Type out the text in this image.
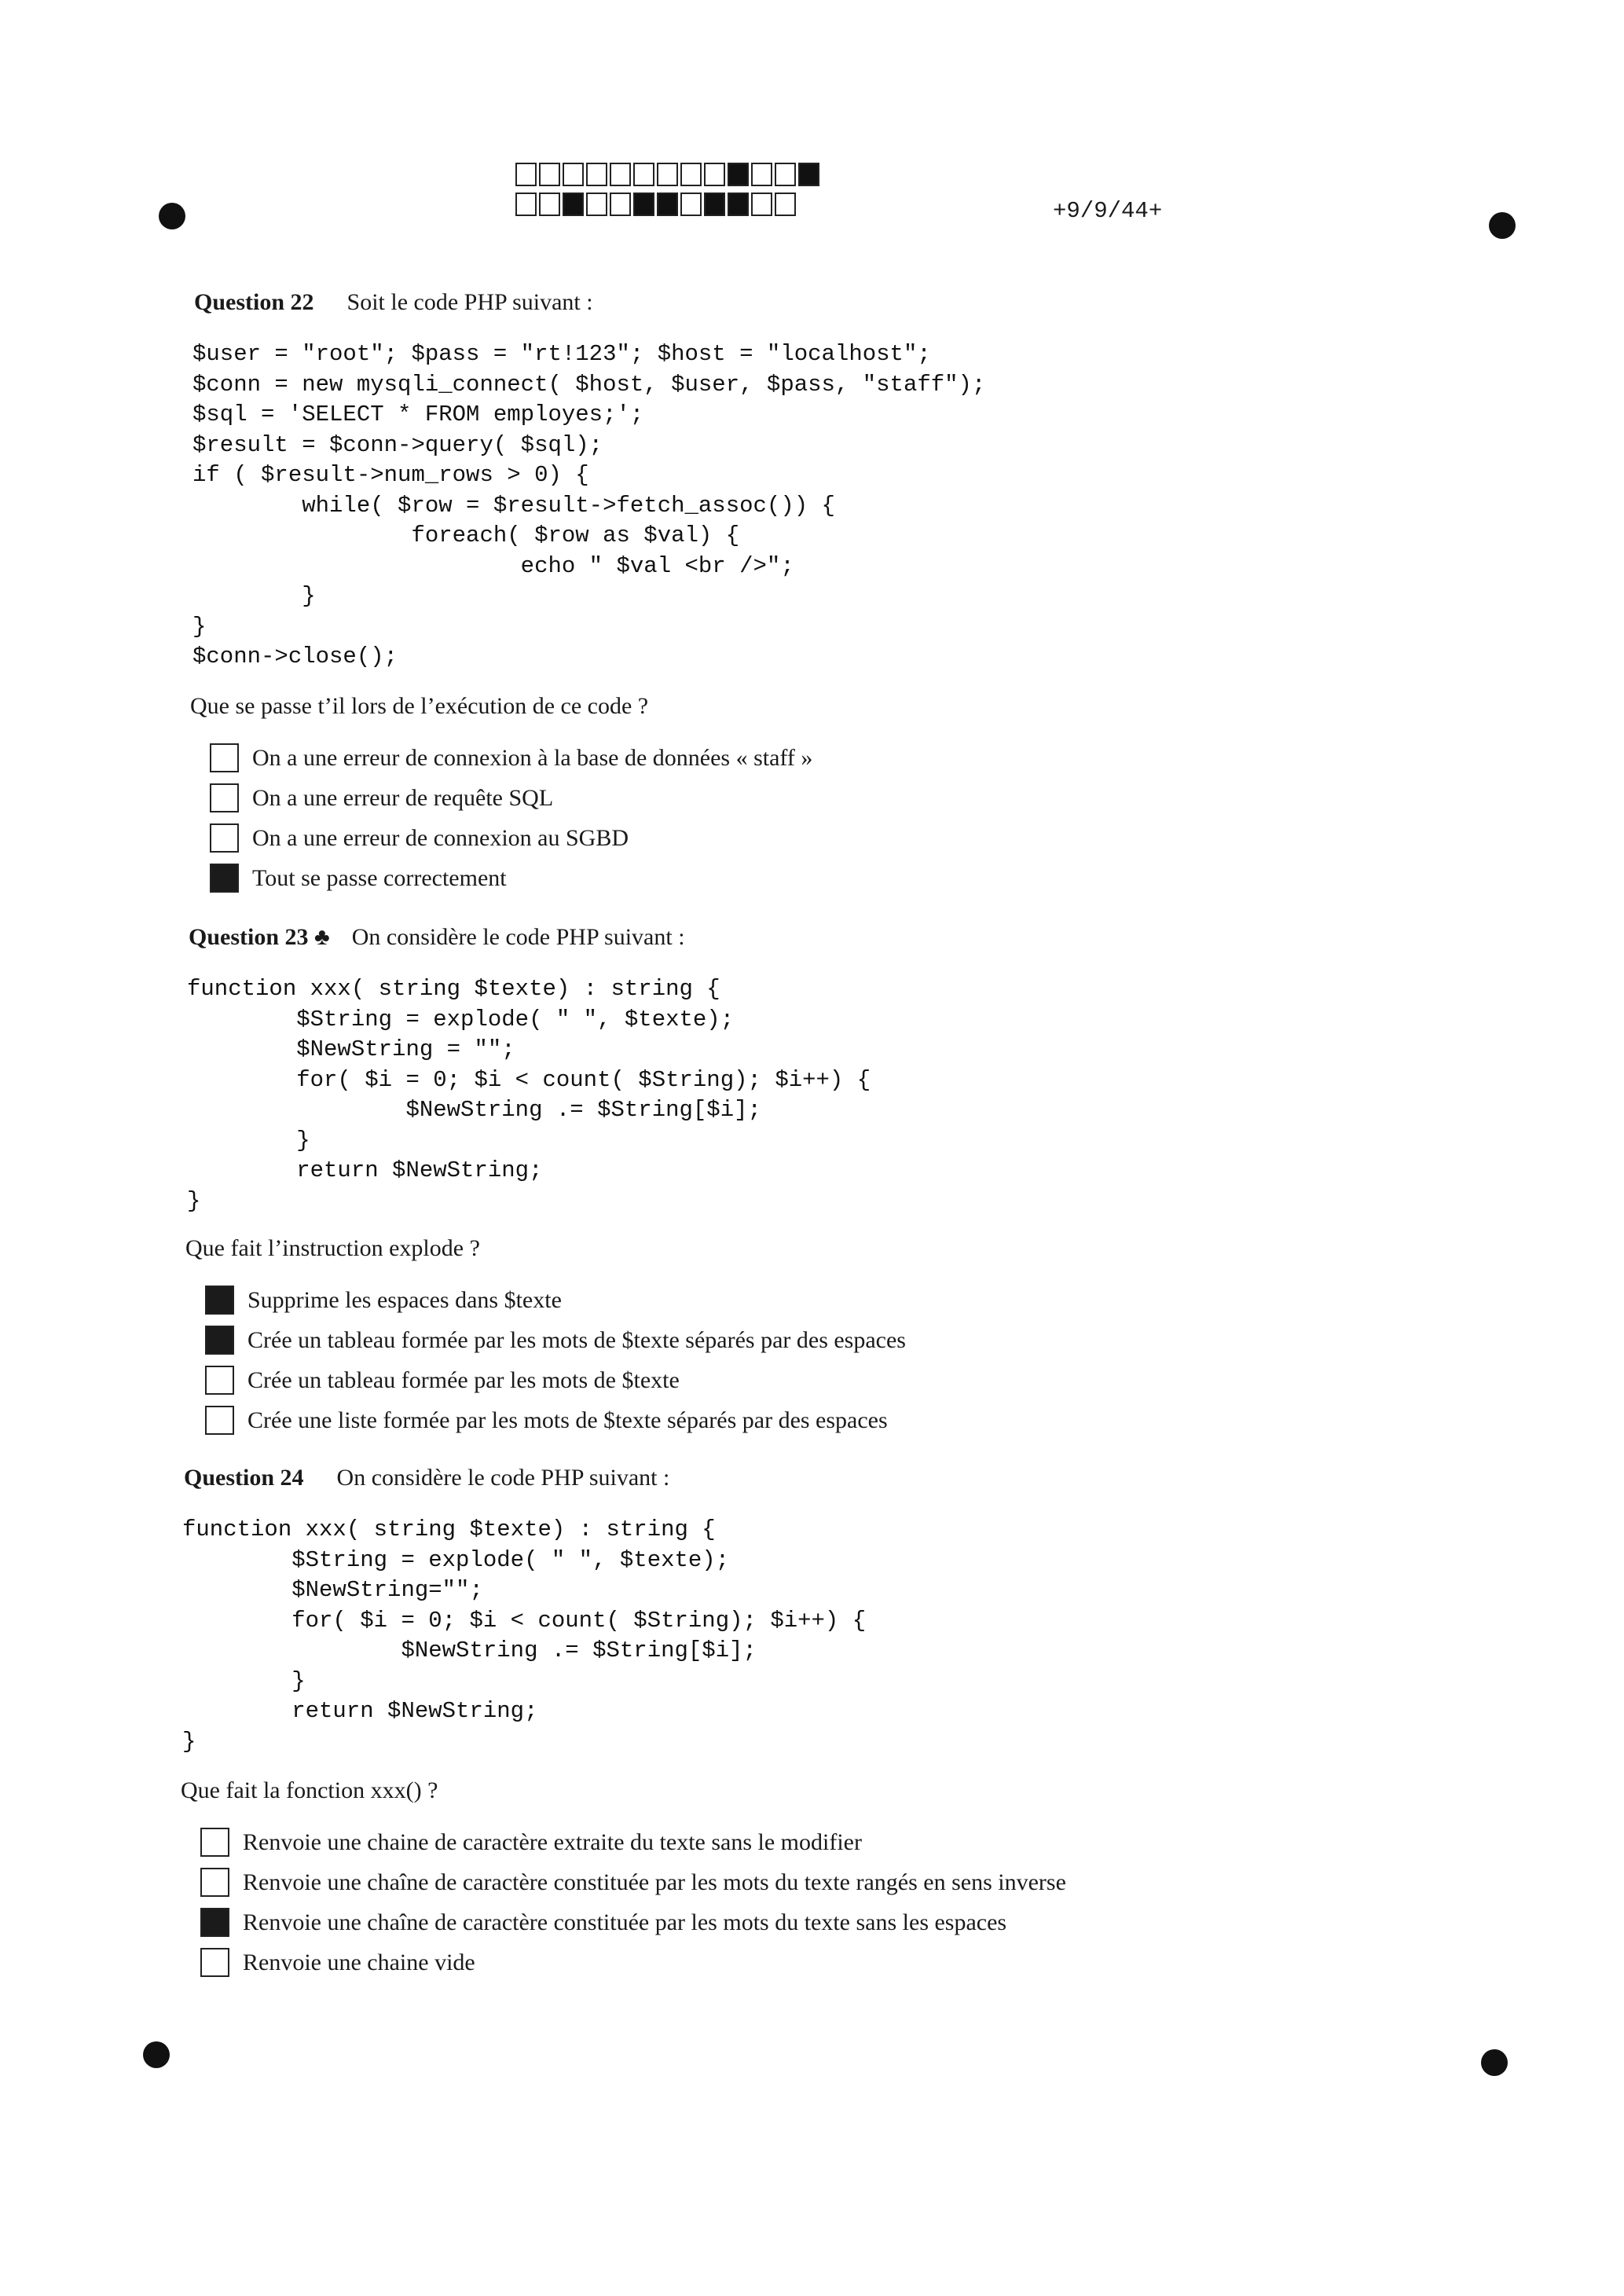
+9/9/44+
Question 22 Soit le code PHP suivant :
$user = "root"; $pass = "rt!123"; $host = "localhost";
$conn = new mysqli_connect( $host, $user, $pass, "staff");
$sql = 'SELECT * FROM employes;';
$result = $conn->query( $sql);
if ( $result->num_rows > 0) {
while( $row = $result->fetch_assoc()) {
foreach( $row as $val) {
echo " $val <br />";
}
}
$conn->close();
Que se passe t’il lors de l’exécution de ce code ?
On a une erreur de connexion à la base de données « staff »
On a une erreur de requête SQL
On a une erreur de connexion au SGBD
Tout se passe correctement
Question 23 ♣ On considère le code PHP suivant :
function xxx( string $texte) : string {
$String = explode( " ", $texte);
$NewString = "";
for( $i = 0; $i < count( $String); $i++) {
$NewString .= $String[$i];
}
return $NewString;
}
Que fait l’instruction explode ?
Supprime les espaces dans $texte
Crée un tableau formée par les mots de $texte séparés par des espaces
Crée un tableau formée par les mots de $texte
Crée une liste formée par les mots de $texte séparés par des espaces
Question 24 On considère le code PHP suivant :
function xxx( string $texte) : string {
$String = explode( " ", $texte);
$NewString="";
for( $i = 0; $i < count( $String); $i++) {
$NewString .= $String[$i];
}
return $NewString;
}
Que fait la fonction xxx() ?
Renvoie une chaine de caractère extraite du texte sans le modifier
Renvoie une chaîne de caractère constituée par les mots du texte rangés en sens inverse
Renvoie une chaîne de caractère constituée par les mots du texte sans les espaces
Renvoie une chaine vide
